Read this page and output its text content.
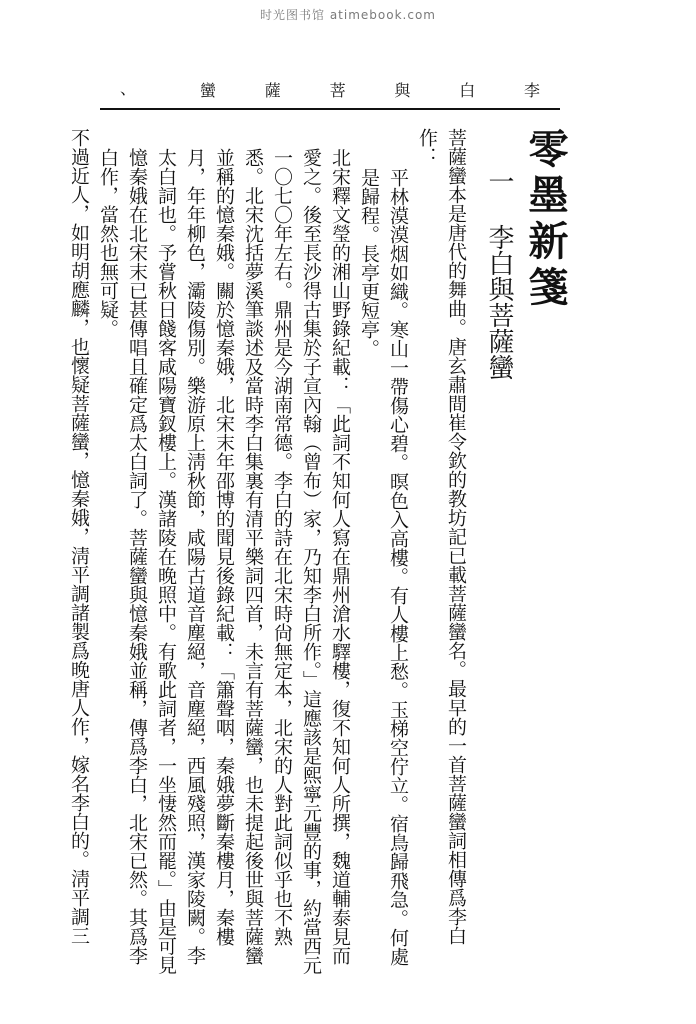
时光图书馆 atimebook.com
、	李
白
與
菩
薩
蠻
零墨新箋
一 李白與菩薩蠻

菩薩蠻本是唐代的舞曲。唐玄肅間崔令欽的教坊記已載菩薩蠻名。最早的一首菩薩蠻詞相傳爲李白作：

平林漠漠烟如織。寒山一帶傷心碧。暝色入高樓。有人樓上愁。玉梯空佇立。宿鳥歸飛急。何處是歸程。長亭更短亭。

北宋釋文瑩的湘山野錄紀載：「此詞不知何人寫在鼎州滄水驛樓，復不知何人所撰，魏道輔泰見而愛之。後至長沙得古集於子宣內翰（曾布）家，乃知李白所作。」這應該是熙寧元豐的事，約當西元一〇七〇年左右。鼎州是今湖南常德。李白的詩在北宋時尙無定本，北宋的人對此詞似乎也不熟悉。北宋沈括夢溪筆談述及當時李白集裏有清平樂詞四首，未言有菩薩蠻，也未提起後世與菩薩蠻並稱的憶秦娥。關於憶秦娥，北宋末年邵博的聞見後錄紀載：「簫聲咽，秦娥夢斷秦樓月，秦樓月，年年柳色，灞陵傷別。樂游原上淸秋節，咸陽古道音塵絕，音塵絕，西風殘照，漢家陵闕。李太白詞也。予嘗秋日餞客咸陽寶釵樓上。漢諸陵在晚照中。有歌此詞者，一坐悽然而罷。」由是可見憶秦娥在北宋末已甚傳唱且確定爲太白詞了。菩薩蠻與憶秦娥並稱，傳爲李白，北宋已然。其爲李白作，當然也無可疑。

不過近人，如明胡應麟，也懷疑菩薩蠻，憶秦娥，淸平調諸製爲晚唐人作，嫁名李白的。淸平調三
